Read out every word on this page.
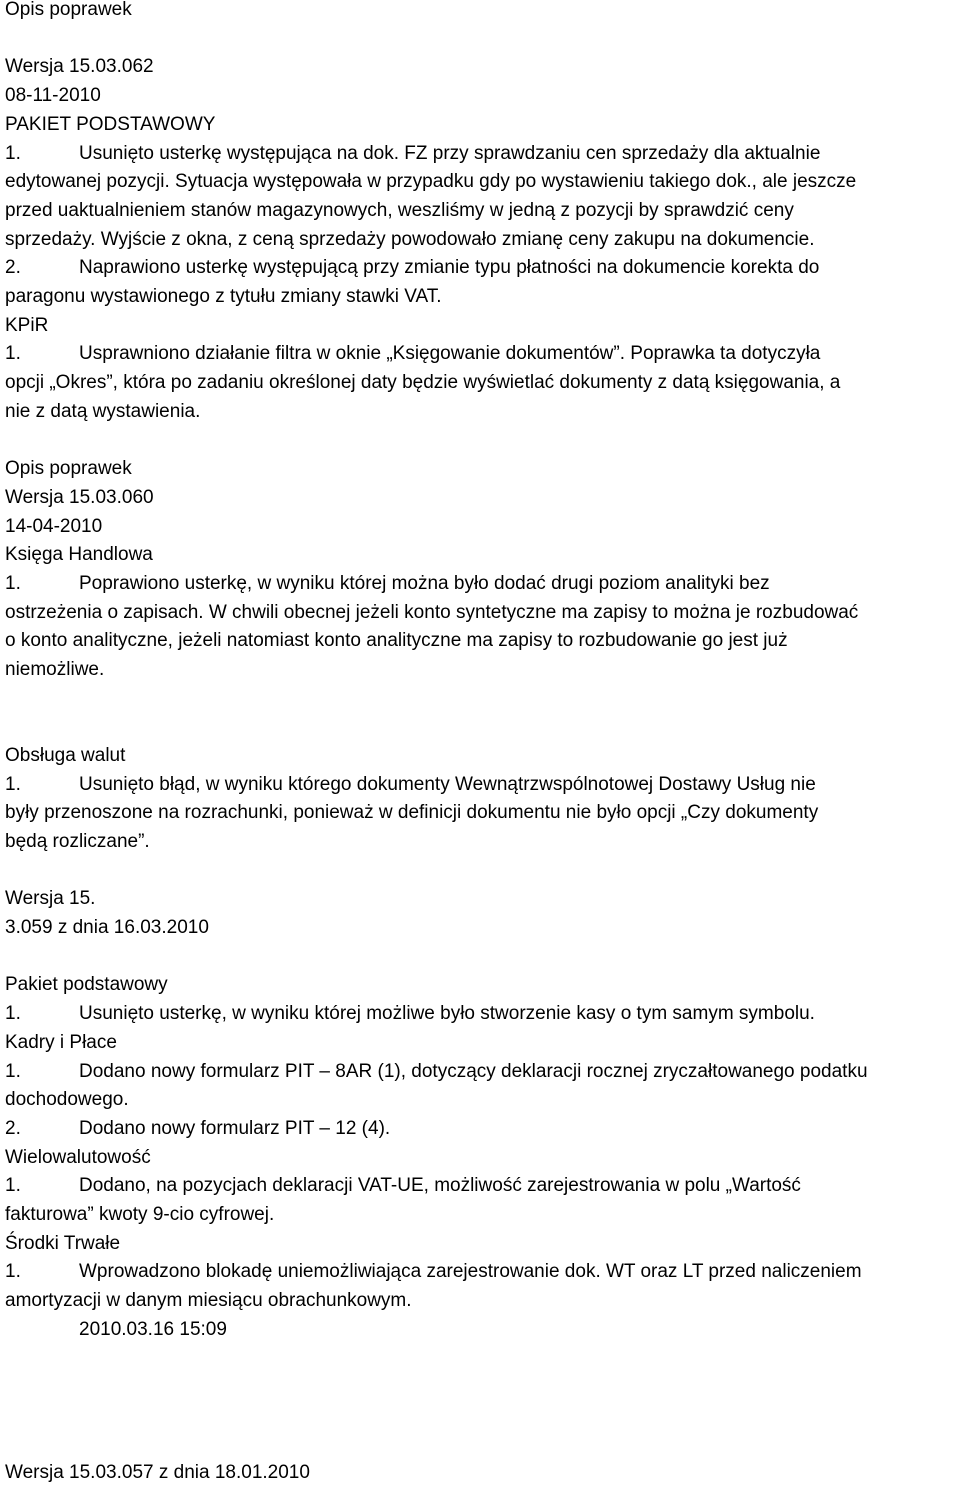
Opis poprawek
Wersja 15.03.062
08-11-2010
PAKIET PODSTAWOWY
1.	Usunięto usterkę występująca na dok. FZ przy sprawdzaniu cen sprzedaży dla aktualnie
edytowanej pozycji. Sytuacja występowała w przypadku gdy po wystawieniu takiego dok., ale jeszcze
przed uaktualnieniem stanów magazynowych, weszliśmy w jedną z pozycji by sprawdzić ceny
sprzedaży. Wyjście z okna, z ceną sprzedaży powodowało zmianę ceny zakupu na dokumencie.
2.	Naprawiono usterkę występującą przy zmianie typu płatności na dokumencie korekta do
paragonu wystawionego z tytułu zmiany stawki VAT.
KPiR
1.	Usprawniono działanie filtra w oknie „Księgowanie dokumentów”. Poprawka ta dotyczyła
opcji „Okres”, która po zadaniu określonej daty będzie wyświetlać dokumenty z datą księgowania, a
nie z datą wystawienia.
Opis poprawek
Wersja 15.03.060
14-04-2010
Księga Handlowa
1.	Poprawiono usterkę, w wyniku której można było dodać drugi poziom analityki bez
ostrzeżenia o zapisach. W chwili obecnej jeżeli konto syntetyczne ma zapisy to można je rozbudować
o konto analityczne, jeżeli natomiast konto analityczne ma zapisy to rozbudowanie go jest już
niemożliwe.
Obsługa walut
1.	Usunięto błąd, w wyniku którego dokumenty Wewnątrzwspólnotowej Dostawy Usług nie
były przenoszone na rozrachunki, ponieważ w definicji dokumentu nie było opcji „Czy dokumenty
będą rozliczane”.
Wersja 15.
3.059 z dnia 16.03.2010
Pakiet podstawowy
1.	Usunięto usterkę, w wyniku której możliwe było stworzenie kasy o tym samym symbolu.
Kadry i Płace
1.	Dodano nowy formularz PIT – 8AR (1), dotyczący deklaracji rocznej zryczałtowanego podatku
dochodowego.
2.	Dodano nowy formularz PIT – 12 (4).
Wielowalutowość
1.	Dodano, na pozycjach deklaracji VAT-UE, możliwość zarejestrowania w polu „Wartość
fakturowa” kwoty 9-cio cyfrowej.
Środki Trwałe
1.	Wprowadzono blokadę uniemożliwiająca zarejestrowanie dok. WT oraz LT przed naliczeniem
amortyzacji w danym miesiącu obrachunkowym.
2010.03.16 15:09
Wersja 15.03.057 z dnia 18.01.2010
